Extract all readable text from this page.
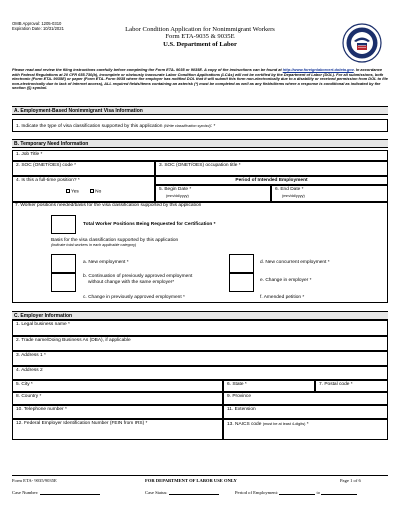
OMB Approval: 1205-0310
Expiration Date: 10/31/2021	Labor Condition Application for Nonimmigrant Workers
Form ETA-9035 & 9035E
U.S. Department of Labor
Please read and review the filing instructions carefully before completing the Form ETA- 9035 or 9035E. A copy of the instructions can be found at http://www.foreignlaborcert.doleta.gov. In accordance with Federal Regulations at 20 CFR 655.730(b), incomplete or obviously inaccurate Labor Condition Applications (LCAs) will not be certified by the Department of Labor (DOL). For all submissions, both electronic (Form ETA- 9035E) or paper (Form ETA- Form 9035 where the employer has notified DOL that it will submit this form non-electronically due to a disability or received permission from DOL to file non-electronically due to lack of Internet access), ALL required fields/items containing an asterisk (*) must be completed as well as any fields/items where a response is conditional as indicated by the section (§) symbol.
A. Employment-Based Nonimmigrant Visa Information
1. Indicate the type of visa classification supported by this application (Write classification symbol): *
B. Temporary Need Information
1. Job Title *
2. SOC (ONET/OES) code *	3. SOC (ONET/OES) occupation title *
4. Is this a full-time position? *
Yes	No
Period of Intended Employment
5. Begin Date *
(mm/dd/yyyy)
6. End Date *
(mm/dd/yyyy)
7. Worker positions needed/basis for the visa classification supported by this application
Total Worker Positions Being Requested for Certification *
Basis for the visa classification supported by this application
(indicate total workers in each applicable category)
a. New employment *
b. Continuation of previously approved employment
without change with the same employer*
c. Change in previously approved employment *
d. New concurrent employment *
e. Change in employer *
f. Amended petition *
C. Employer Information
1. Legal business name *
2. Trade name/Doing Business As (DBA), if applicable
3. Address 1 *
4. Address 2
5. City *	6. State *	7. Postal code *
8. Country *	9. Province
10. Telephone number *	11. Extension
12. Federal Employer Identification Number (FEIN from IRS) *	13. NAICS code (must be at least 4-digits) *
Form ETA- 9035/9035E	FOR DEPARTMENT OF LABOR USE ONLY	Page 1 of 6
Case Number:	Case Status:	Period of Employment:	to
